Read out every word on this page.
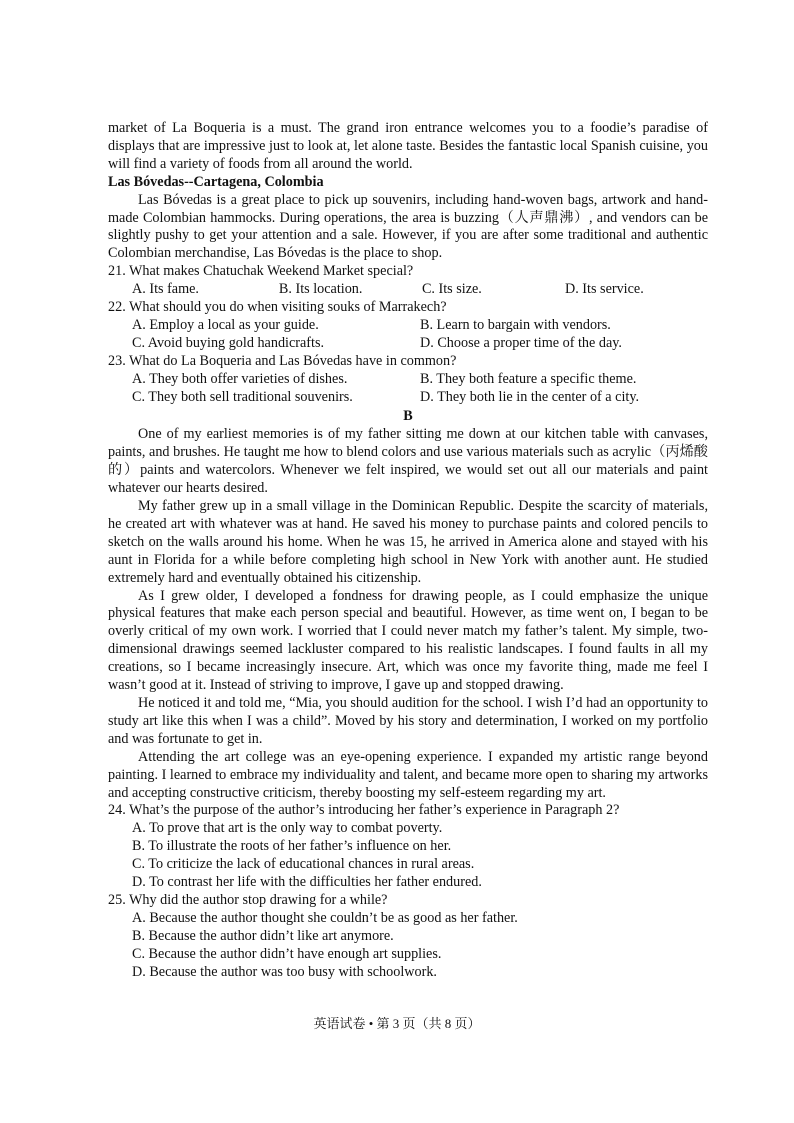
market of La Boqueria is a must. The grand iron entrance welcomes you to a foodie’s paradise of displays that are impressive just to look at, let alone taste. Besides the fantastic local Spanish cuisine, you will find a variety of foods from all around the world.

Las Bóvedas--Cartagena, Colombia

Las Bóvedas is a great place to pick up souvenirs, including hand-woven bags, artwork and hand-made Colombian hammocks. During operations, the area is buzzing（人声鼎沸）, and vendors can be slightly pushy to get your attention and a sale. However, if you are after some traditional and authentic Colombian merchandise, Las Bóvedas is the place to shop.

21. What makes Chatuchak Weekend Market special?

A. Its fame.	B. Its location.	C. Its size.	D. Its service.

22. What should you do when visiting souks of Marrakech?

A. Employ a local as your guide.	B. Learn to bargain with vendors.
C. Avoid buying gold handicrafts.	D. Choose a proper time of the day.

23. What do La Boqueria and Las Bóvedas have in common?

A. They both offer varieties of dishes.	B. They both feature a specific theme.
C. They both sell traditional souvenirs.	D. They both lie in the center of a city.

B

One of my earliest memories is of my father sitting me down at our kitchen table with canvases, paints, and brushes. He taught me how to blend colors and use various materials such as acrylic（丙烯酸的）paints and watercolors. Whenever we felt inspired, we would set out all our materials and paint whatever our hearts desired.

My father grew up in a small village in the Dominican Republic. Despite the scarcity of materials, he created art with whatever was at hand. He saved his money to purchase paints and colored pencils to sketch on the walls around his home. When he was 15, he arrived in America alone and stayed with his aunt in Florida for a while before completing high school in New York with another aunt. He studied extremely hard and eventually obtained his citizenship.

As I grew older, I developed a fondness for drawing people, as I could emphasize the unique physical features that make each person special and beautiful. However, as time went on, I began to be overly critical of my own work. I worried that I could never match my father’s talent. My simple, two-dimensional drawings seemed lackluster compared to his realistic landscapes. I found faults in all my creations, so I became increasingly insecure. Art, which was once my favorite thing, made me feel I wasn’t good at it. Instead of striving to improve, I gave up and stopped drawing.

He noticed it and told me, “Mia, you should audition for the school. I wish I’d had an opportunity to study art like this when I was a child”. Moved by his story and determination, I worked on my portfolio and was fortunate to get in.

Attending the art college was an eye-opening experience. I expanded my artistic range beyond painting. I learned to embrace my individuality and talent, and became more open to sharing my artworks and accepting constructive criticism, thereby boosting my self-esteem regarding my art.

24. What’s the purpose of the author’s introducing her father’s experience in Paragraph 2?

A. To prove that art is the only way to combat poverty.
B. To illustrate the roots of her father’s influence on her.
C. To criticize the lack of educational chances in rural areas.
D. To contrast her life with the difficulties her father endured.

25. Why did the author stop drawing for a while?

A. Because the author thought she couldn’t be as good as her father.
B. Because the author didn’t like art anymore.
C. Because the author didn’t have enough art supplies.
D. Because the author was too busy with schoolwork.
英语试卷 • 第 3 页（共 8 页）
